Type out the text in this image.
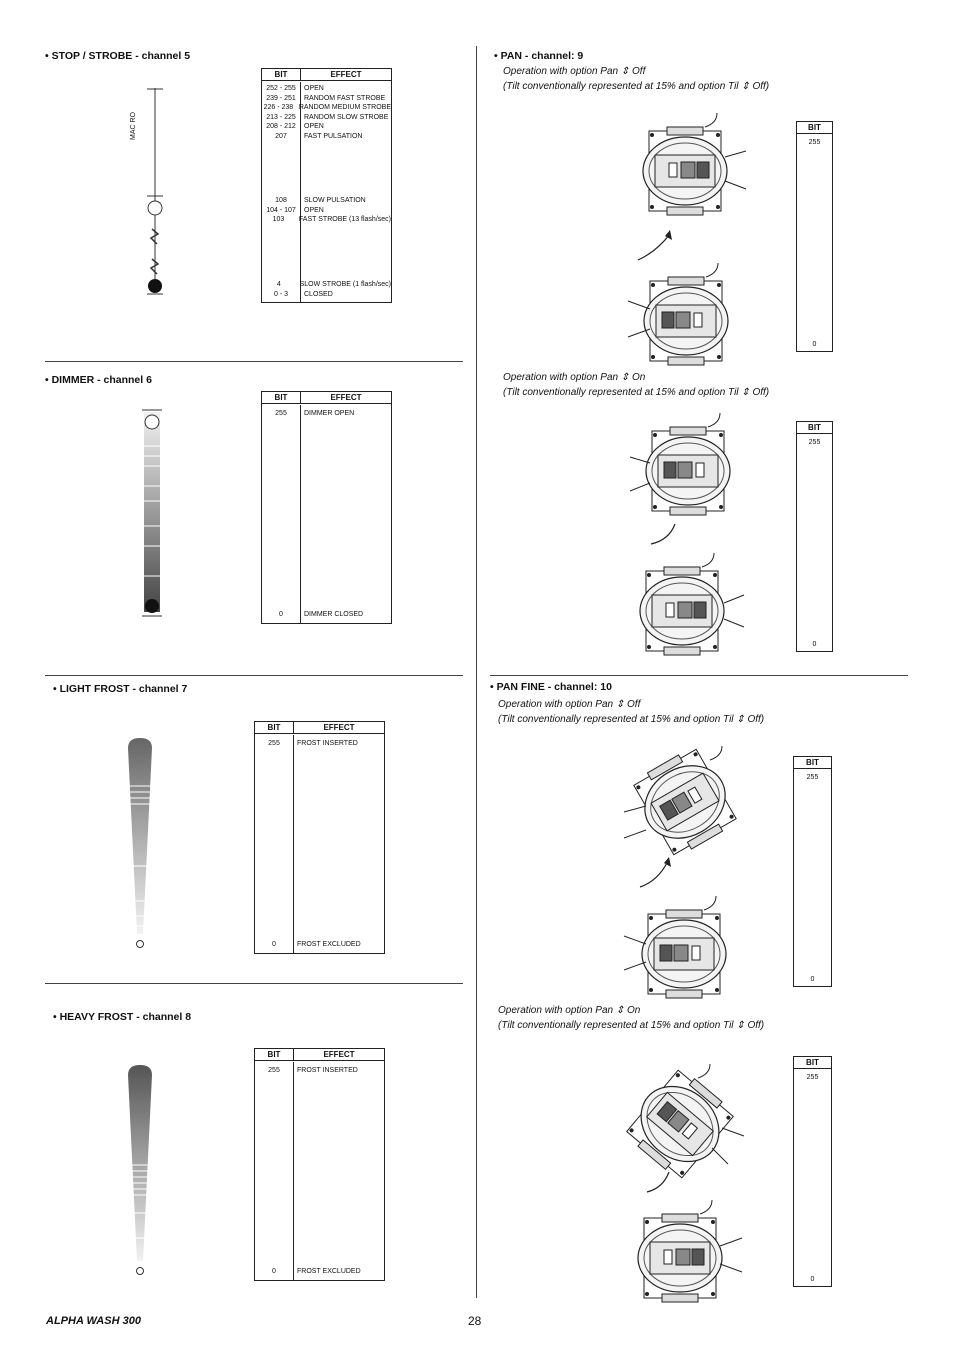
• STOP / STROBE - channel 5
MAC RO
BIT	EFFECT
252 - 255	OPEN
239 - 251	RANDOM FAST STROBE
226 - 238 RANDOM MEDIUM STROBE
213 - 225	RANDOM SLOW STROBE
208 - 212	OPEN
207	FAST PULSATION
108	SLOW PULSATION
104 - 107	OPEN
103	FAST STROBE (13 flash/sec)
4	SLOW STROBE (1 flash/sec)
0 - 3	CLOSED
• DIMMER - channel 6
BIT	EFFECT
255	DIMMER OPEN
0	DIMMER CLOSED
• LIGHT FROST - channel 7
BIT	EFFECT
255	FROST INSERTED
0	FROST EXCLUDED
• HEAVY FROST - channel 8
BIT	EFFECT
255	FROST INSERTED
0	FROST EXCLUDED
• PAN - channel: 9
Operation with option Pan ⇕ Off
(Tilt conventionally represented at 15% and option Til ⇕ Off)
BIT
255
0
Operation with option Pan ⇕ On
(Tilt conventionally represented at 15% and option Til ⇕ Off)
BIT
255
0
• PAN FINE - channel: 10
Operation with option Pan ⇕ Off
(Tilt conventionally represented at 15% and option Til ⇕ Off)
BIT
255
0
Operation with option Pan ⇕ On
(Tilt conventionally represented at 15% and option Til ⇕ Off)
BIT
255
0
ALPHA WASH 300	28
